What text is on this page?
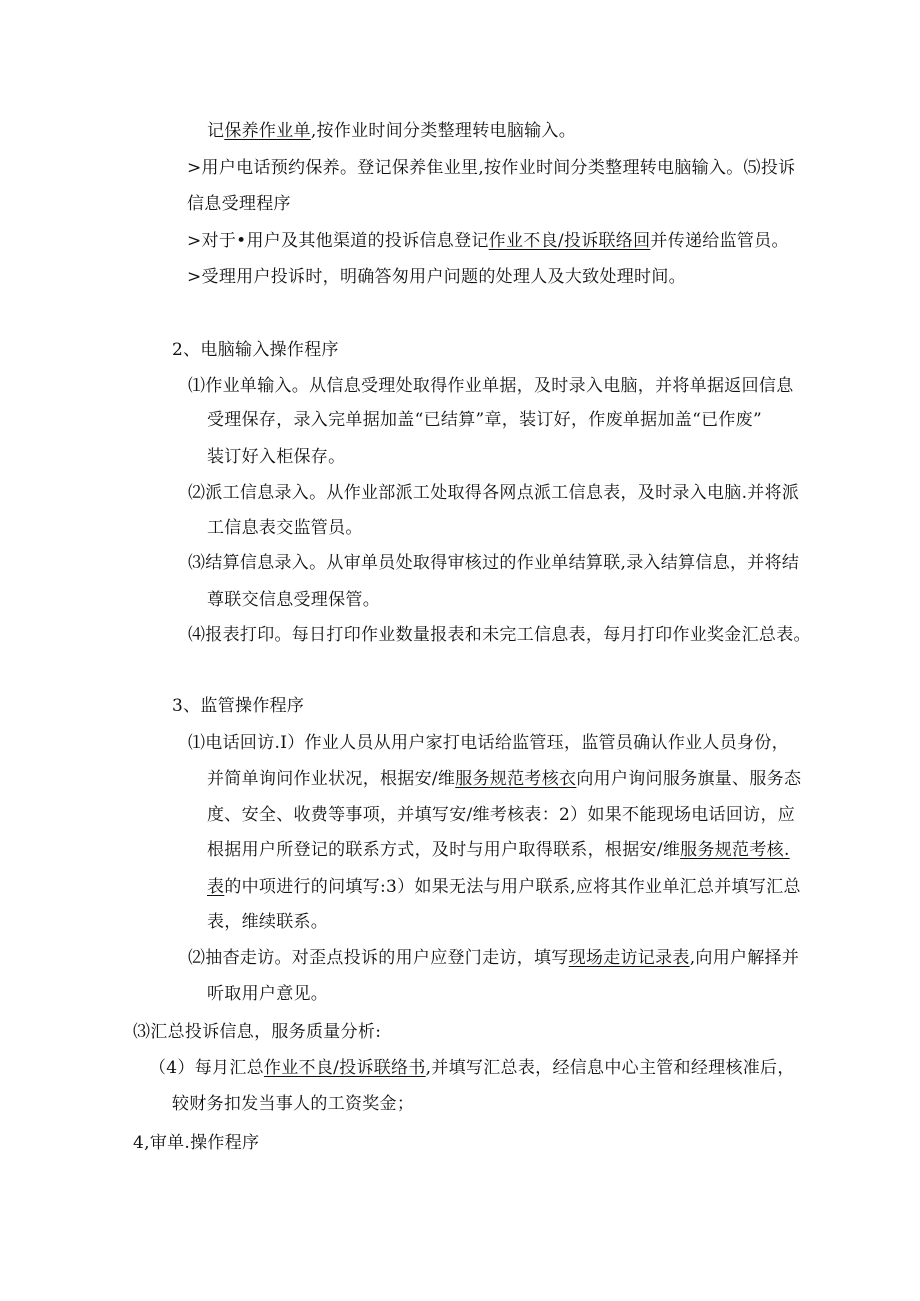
记保养作业单,按作业时间分类整理转电脑输入。
>用户电话预约保养。登记保养隹业里,按作业时间分类整理转电脑输入。⑸投诉
信息受理程序
>对于•用户及其他渠道的投诉信息登记作业不良/投诉联络回并传递给监管员。
>受理用户投诉时，明确答匆用户问题的处理人及大致处理时间。
2、电脑输入操作程序
⑴作业单输入。从信息受理处取得作业单据，及时录入电脑，并将单据返回信息
受理保存，录入完单据加盖“已结算”章，装订好，作废单据加盖“已作废”
装订好入柜保存。
⑵派工信息录入。从作业部派工处取得各网点派工信息表，及时录入电脑.并将派
工信息表交监管员。
⑶结算信息录入。从审单员处取得审核过的作业单结算联,录入结算信息，并将结
尊联交信息受理保管。
⑷报表打印。每日打印作业数量报表和未完工信息表，每月打印作业奖金汇总表。
3、监管操作程序
⑴电话回访.I）作业人员从用户家打电话给监管珏，监管员确认作业人员身份，
并简单询问作业状况，根据安/维服务规范考核衣向用户询问服务旗量、服务态
度、安全、收费等事项，并填写安/维考核表：2）如果不能现场电话回访，应
根据用户所登记的联系方式，及时与用户取得联系，根据安/维服务规范考核.
表的中项进行的问填写:3）如果无法与用户联系,应将其作业单汇总并填写汇总
表，维续联系。
⑵抽杳走访。对歪点投诉的用户应登门走访，填写现场走访记录表,向用户解择并
听取用户意见。
⑶汇总投诉信息，服务质量分析:
（4）每月汇总作业不良/投诉联络书,并填写汇总表，经信息中心主管和经理核准后，
较财务扣发当事人的工资奖金；
4,审单.操作程序
